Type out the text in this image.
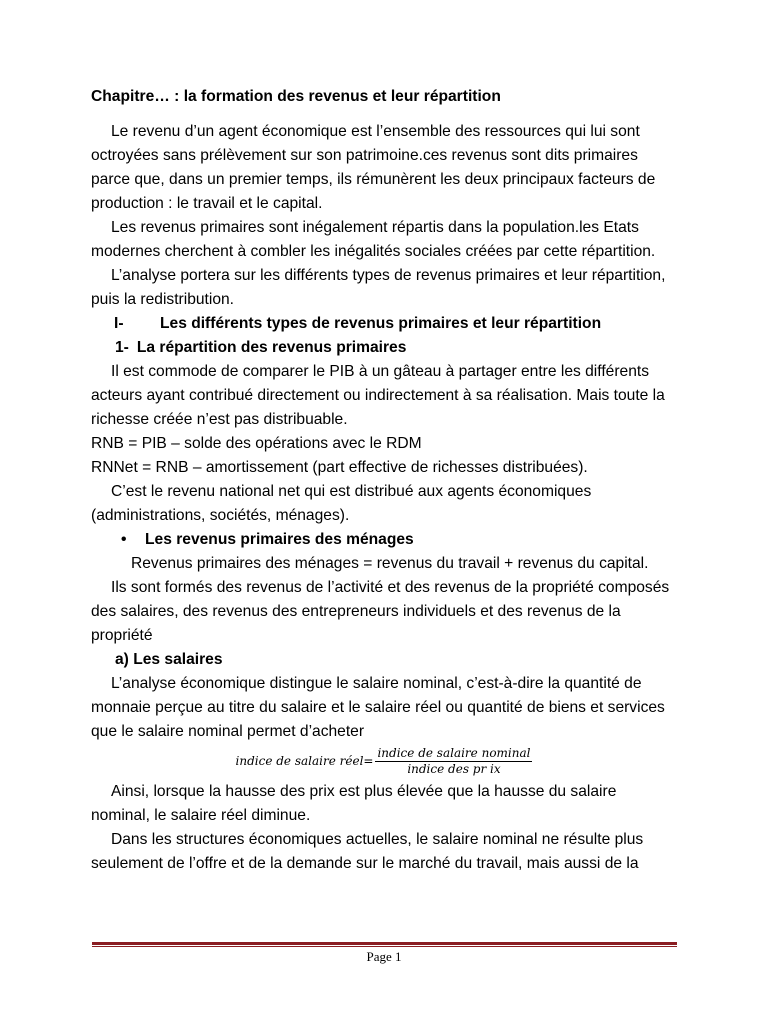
Chapitre… : la formation des revenus et leur répartition

Le revenu d’un agent économique est l’ensemble des ressources qui lui sont octroyées sans prélèvement sur son patrimoine.ces revenus sont dits primaires parce que, dans un premier temps, ils rémunèrent les deux principaux facteurs de production : le travail et le capital.

Les revenus primaires sont inégalement répartis dans la population.les Etats modernes cherchent à combler les inégalités sociales créées par cette répartition.

L’analyse portera sur les différents types de revenus primaires et leur répartition, puis la redistribution.

I-	Les différents types de revenus primaires et leur répartition
1- La répartition des revenus primaires

Il est commode de comparer le PIB à un gâteau à partager entre les différents acteurs ayant contribué directement ou indirectement à sa réalisation. Mais toute la richesse créée n’est pas distribuable.

RNB = PIB – solde des opérations avec le RDM

RNNet = RNB – amortissement (part effective de richesses distribuées).

C’est le revenu national net qui est distribué aux agents économiques (administrations, sociétés, ménages).

•	Les revenus primaires des ménages

Revenus primaires des ménages = revenus du travail + revenus du capital.

Ils sont formés des revenus de l’activité et des revenus de la propriété composés des salaires, des revenus des entrepreneurs individuels et des revenus de la propriété

a) Les salaires

L’analyse économique distingue le salaire nominal, c’est-à-dire la quantité de monnaie perçue au titre du salaire et le salaire réel ou quantité de biens et services que le salaire nominal permet d’acheter

indice de salaire réel= $\frac{\text{indice de salaire nominal}}{\text{indice des pr ix}}$

Ainsi, lorsque la hausse des prix est plus élevée que la hausse du salaire nominal, le salaire réel diminue.

Dans les structures économiques actuelles, le salaire nominal ne résulte plus seulement de l’offre et de la demande sur le marché du travail, mais aussi de la

Page 1
